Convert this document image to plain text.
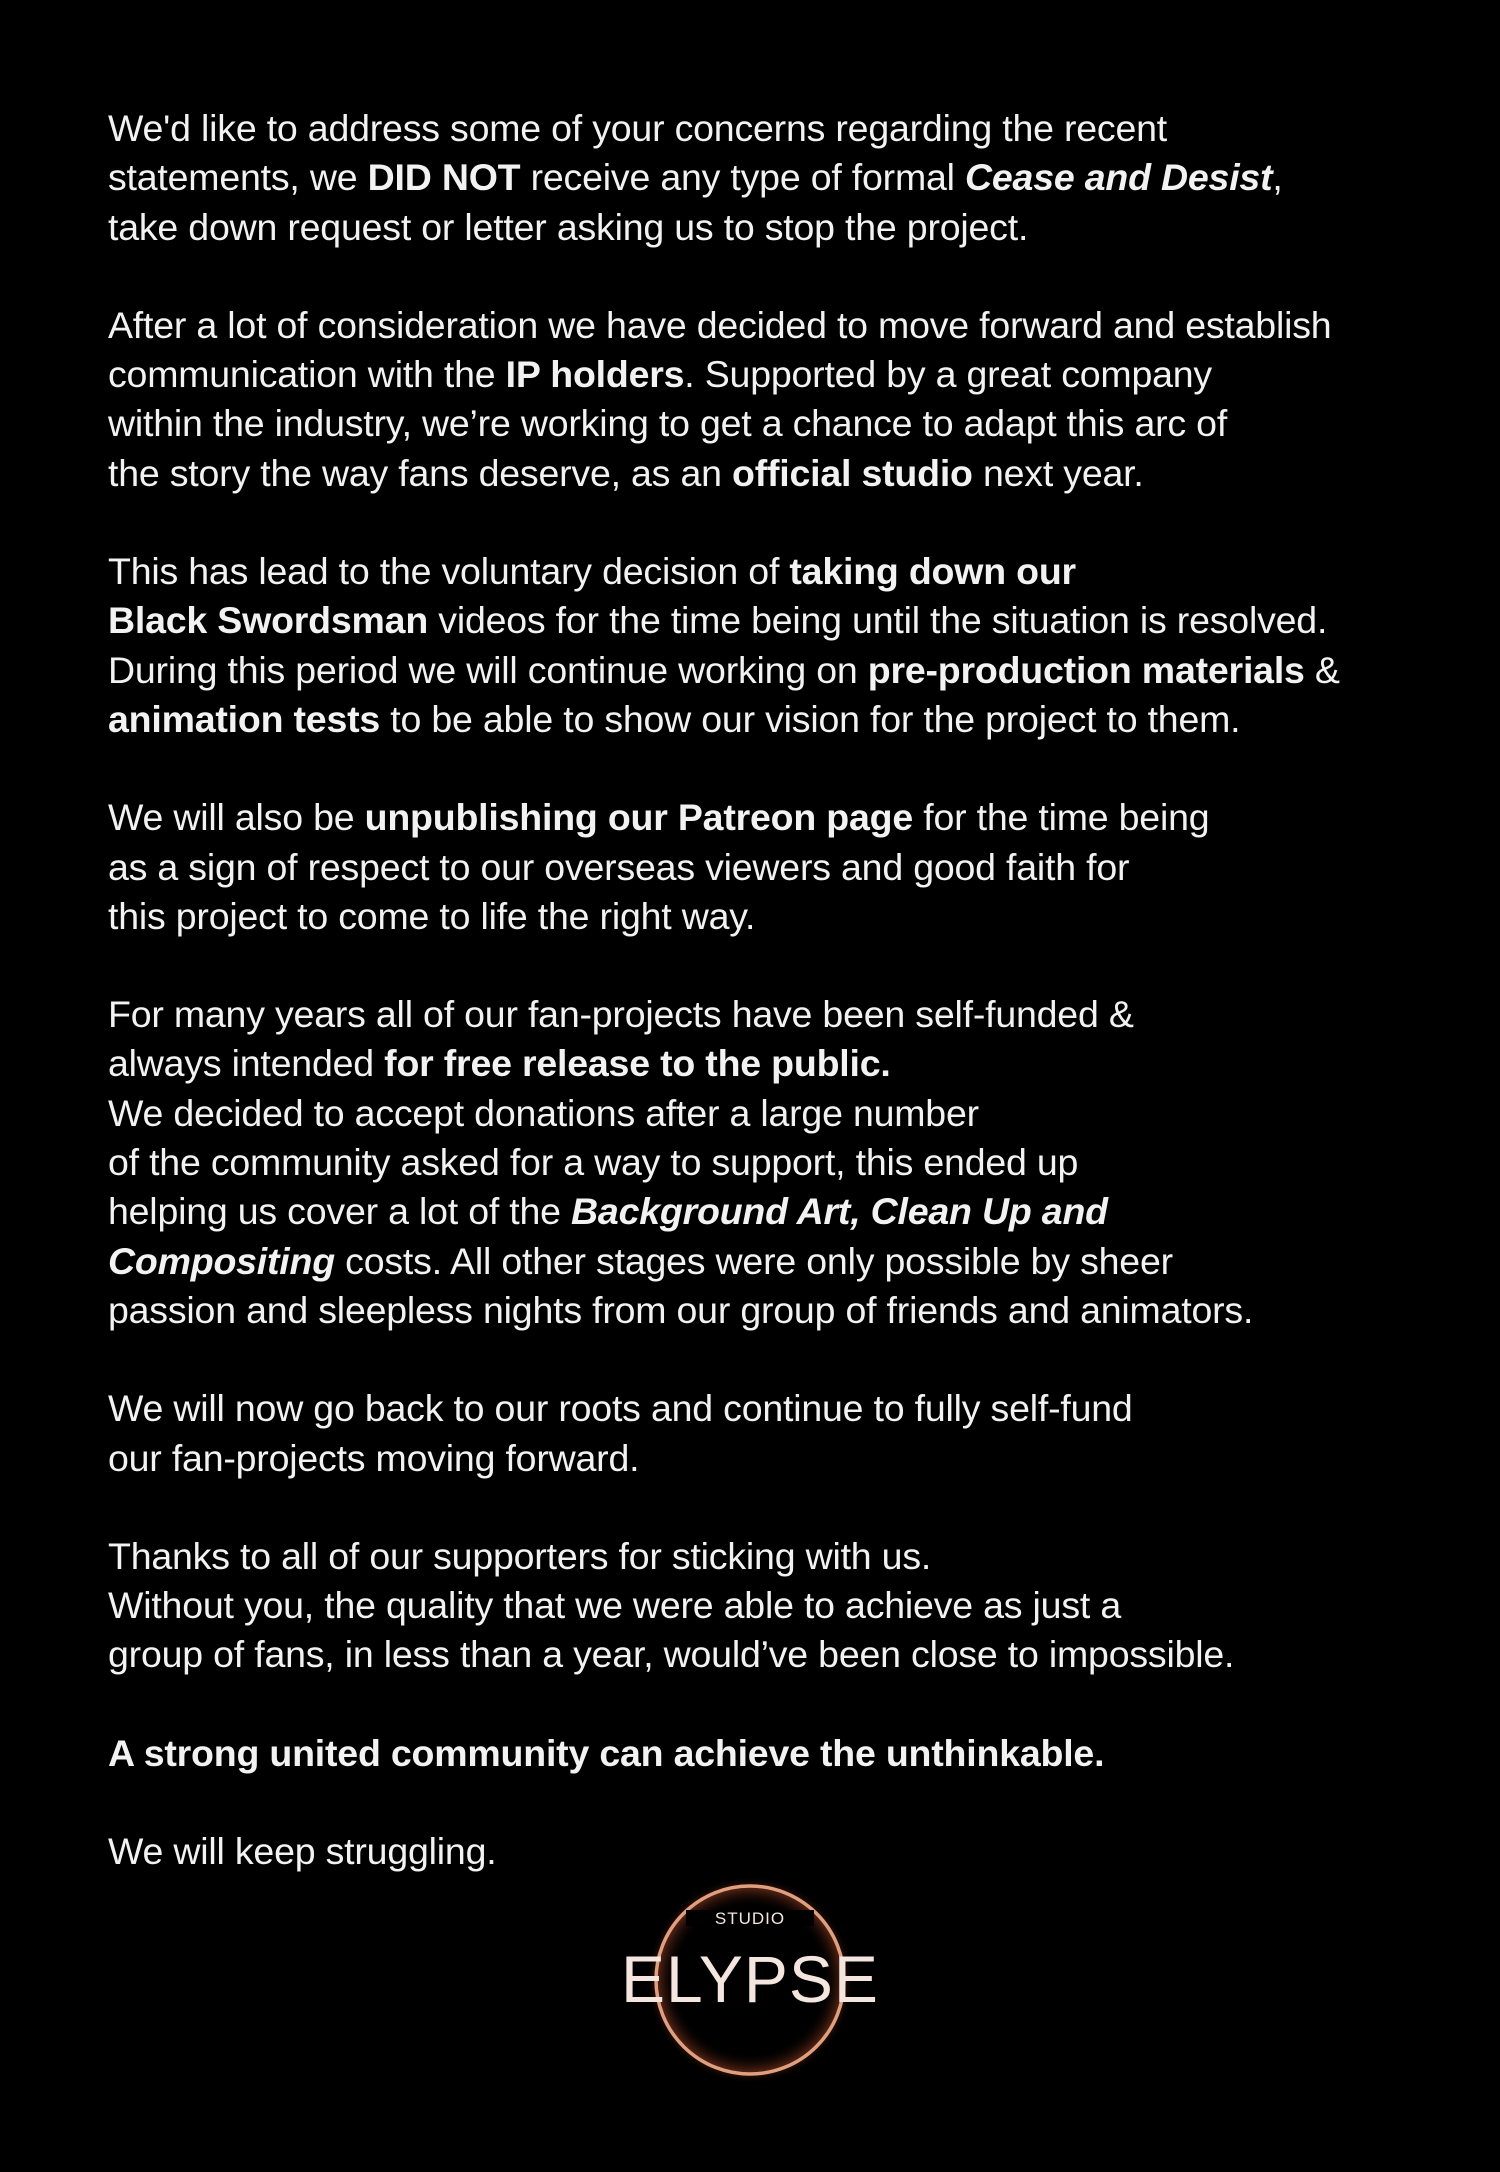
We'd like to address some of your concerns regarding the recent
statements, we DID NOT receive any type of formal Cease and Desist,
take down request or letter asking us to stop the project.
After a lot of consideration we have decided to move forward and establish
communication with the IP holders. Supported by a great company
within the industry, we’re working to get a chance to adapt this arc of
the story the way fans deserve, as an official studio next year.
This has lead to the voluntary decision of taking down our
Black Swordsman videos for the time being until the situation is resolved.
During this period we will continue working on pre-production materials &
animation tests to be able to show our vision for the project to them.
We will also be unpublishing our Patreon page for the time being
as a sign of respect to our overseas viewers and good faith for
this project to come to life the right way.
For many years all of our fan-projects have been self-funded &
always intended for free release to the public.
We decided to accept donations after a large number
of the community asked for a way to support, this ended up
helping us cover a lot of the Background Art, Clean Up and
Compositing costs. All other stages were only possible by sheer
passion and sleepless nights from our group of friends and animators.
We will now go back to our roots and continue to fully self-fund
our fan-projects moving forward.
Thanks to all of our supporters for sticking with us.
Without you, the quality that we were able to achieve as just a
group of fans, in less than a year, would’ve been close to impossible.
A strong united community can achieve the unthinkable.
We will keep struggling.
STUDIO
ELYPSE
